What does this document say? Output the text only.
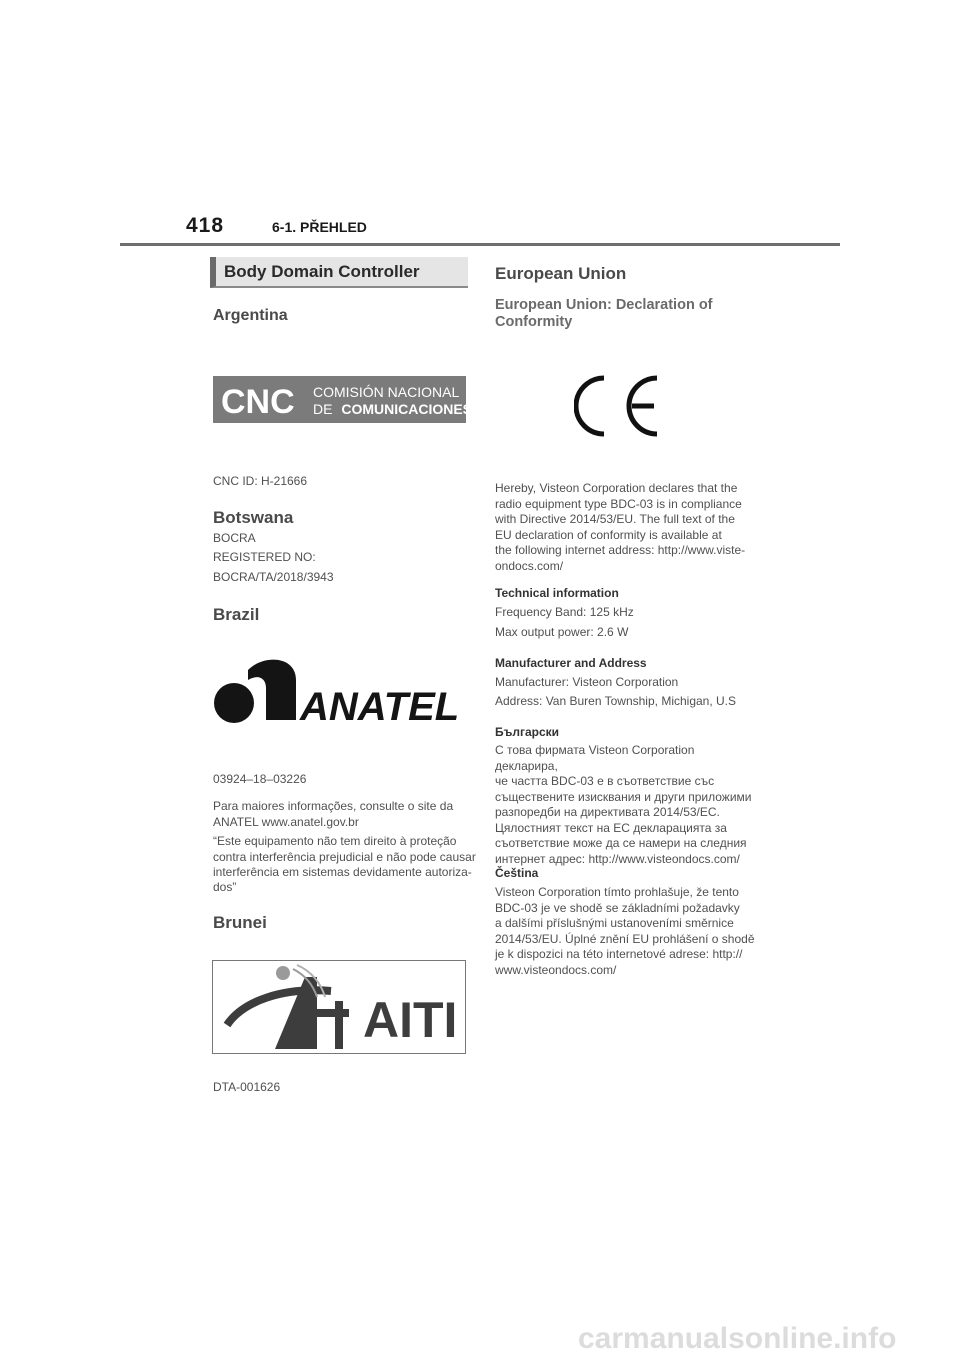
418	6-1. PŘEHLED
Body Domain Controller
Argentina
CNC COMISIÓN NACIONAL
DE COMUNICACIONES
CNC ID: H-21666
Botswana
BOCRA
REGISTERED NO:
BOCRA/TA/2018/3943
Brazil
ANATEL
03924–18–03226
Para maiores informações, consulte o site da
ANATEL www.anatel.gov.br
“Este equipamento não tem direito à proteção
contra interferência prejudicial e não pode causar
interferência em sistemas devidamente autoriza-
dos”
Brunei
AITI
DTA-001626
European Union
European Union: Declaration of
Conformity
Hereby, Visteon Corporation declares that the
radio equipment type BDC-03 is in compliance
with Directive 2014/53/EU. The full text of the
EU declaration of conformity is available at
the following internet address: http://www.viste-
ondocs.com/
Technical information
Frequency Band: 125 kHz
Max output power: 2.6 W
Manufacturer and Address
Manufacturer: Visteon Corporation
Address: Van Buren Township, Michigan, U.S
Български
С това фирмата Visteon Corporation декларира,
че частта BDC-03 е в съответствие със
съществените изисквания и други приложими
разпоредби на директивата 2014/53/EC.
Цялостният текст на ЕС декларацията за
съответствие може да се намери на следния
интернет адрес: http://www.visteondocs.com/
Čeština
Visteon Corporation tímto prohlašuje, že tento
BDC-03 je ve shodě se základními požadavky
a dalšími příslušnými ustanoveními směrnice
2014/53/EU. Úplné znění EU prohlášení o shodě
je k dispozici na této internetové adrese: http://
www.visteondocs.com/
carmanualsonline.info
